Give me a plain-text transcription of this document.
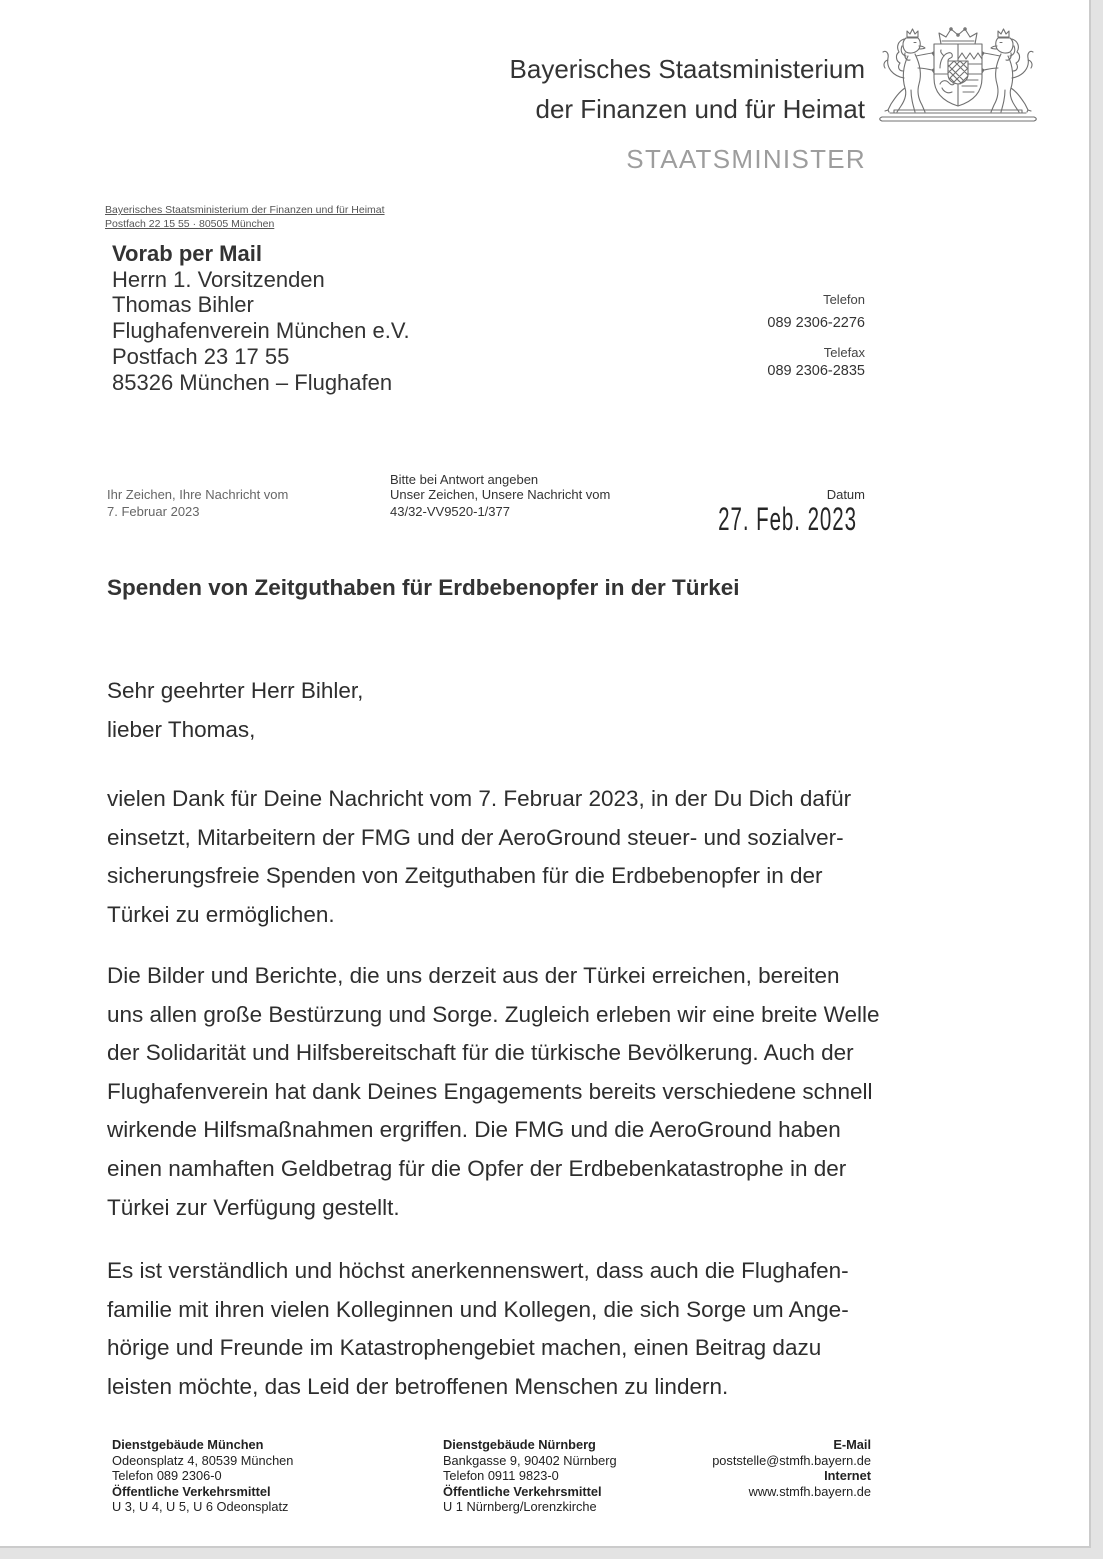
Bayerisches Staatsministerium
der Finanzen und für Heimat
STAATSMINISTER
Bayerisches Staatsministerium der Finanzen und für Heimat
Postfach 22 15 55 · 80505 München
Vorab per Mail
Herrn 1. Vorsitzenden
Thomas Bihler
Flughafenverein München e.V.
Postfach 23 17 55
85326 München – Flughafen
Telefon
089 2306-2276
Telefax
089 2306-2835
Ihr Zeichen, Ihre Nachricht vom
7. Februar 2023
Bitte bei Antwort angeben
Unser Zeichen, Unsere Nachricht vom
43/32-VV9520-1/377
Datum
27. Feb. 2023
Spenden von Zeitguthaben für Erdbebenopfer in der Türkei
Sehr geehrter Herr Bihler,
lieber Thomas,
vielen Dank für Deine Nachricht vom 7. Februar 2023, in der Du Dich dafür
einsetzt, Mitarbeitern der FMG und der AeroGround steuer- und sozialver-
sicherungsfreie Spenden von Zeitguthaben für die Erdbebenopfer in der
Türkei zu ermöglichen.
Die Bilder und Berichte, die uns derzeit aus der Türkei erreichen, bereiten
uns allen große Bestürzung und Sorge. Zugleich erleben wir eine breite Welle
der Solidarität und Hilfsbereitschaft für die türkische Bevölkerung. Auch der
Flughafenverein hat dank Deines Engagements bereits verschiedene schnell
wirkende Hilfsmaßnahmen ergriffen. Die FMG und die AeroGround haben
einen namhaften Geldbetrag für die Opfer der Erdbebenkatastrophe in der
Türkei zur Verfügung gestellt.
Es ist verständlich und höchst anerkennenswert, dass auch die Flughafen-
familie mit ihren vielen Kolleginnen und Kollegen, die sich Sorge um Ange-
hörige und Freunde im Katastrophengebiet machen, einen Beitrag dazu
leisten möchte, das Leid der betroffenen Menschen zu lindern.
Dienstgebäude München
Odeonsplatz 4, 80539 München
Telefon 089 2306-0
Öffentliche Verkehrsmittel
U 3, U 4, U 5, U 6 Odeonsplatz
Dienstgebäude Nürnberg
Bankgasse 9, 90402 Nürnberg
Telefon 0911 9823-0
Öffentliche Verkehrsmittel
U 1 Nürnberg/Lorenzkirche
E-Mail
poststelle@stmfh.bayern.de
Internet
www.stmfh.bayern.de
